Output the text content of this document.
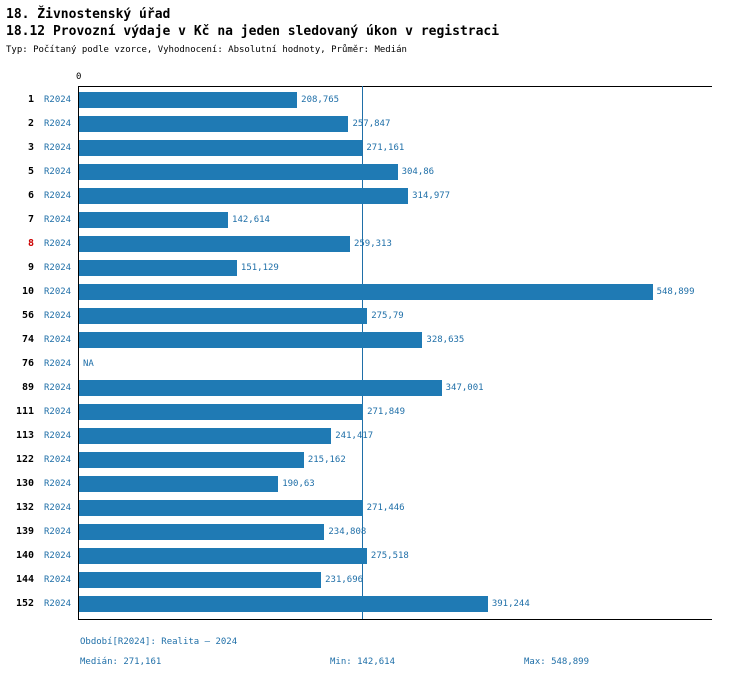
18. Živnostenský úřad
18.12 Provozní výdaje v Kč na jeden sledovaný úkon v registraci
Typ: Počítaný podle vzorce, Vyhodnocení: Absolutní hodnoty, Průměr: Medián
0
1 R2024	208,765
2 R2024	257,847
3 R2024	271,161
5 R2024	304,86
6 R2024	314,977
7 R2024	142,614
8 R2024	259,313
9 R2024	151,129
10 R2024	548,899
56 R2024	275,79
74 R2024	328,635
76 R2024 NA
89 R2024	347,001
111 R2024	271,849
113 R2024	241,417
122 R2024	215,162
130 R2024	190,63
132 R2024	271,446
139 R2024	234,808
140 R2024	275,518
144 R2024	231,696
152 R2024	391,244
Období[R2024]: Realita – 2024
Medián: 271,161	Min: 142,614	Max: 548,899
